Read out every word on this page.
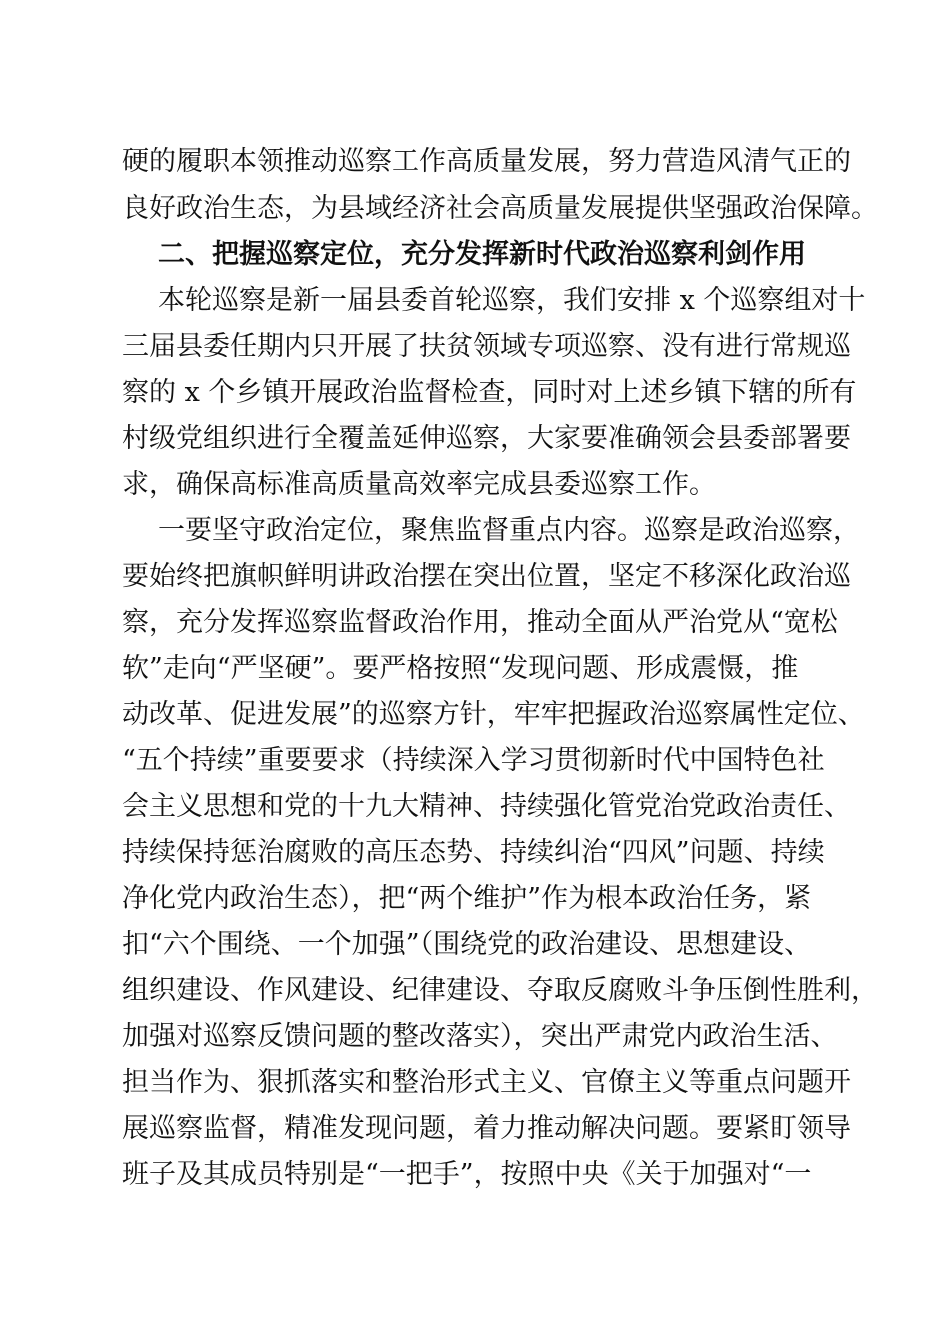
硬的履职本领推动巡察工作高质量发展，努力营造风清气正的
良好政治生态，为县域经济社会高质量发展提供坚强政治保障。
二、把握巡察定位，充分发挥新时代政治巡察利剑作用
本轮巡察是新一届县委首轮巡察，我们安排 x 个巡察组对十
三届县委任期内只开展了扶贫领域专项巡察、没有进行常规巡
察的 x 个乡镇开展政治监督检查，同时对上述乡镇下辖的所有
村级党组织进行全覆盖延伸巡察，大家要准确领会县委部署要
求，确保高标准高质量高效率完成县委巡察工作。
一要坚守政治定位，聚焦监督重点内容。巡察是政治巡察，
要始终把旗帜鲜明讲政治摆在突出位置，坚定不移深化政治巡
察，充分发挥巡察监督政治作用，推动全面从严治党从“宽松
软”走向“严坚硬”。要严格按照“发现问题、形成震慑，推
动改革、促进发展”的巡察方针，牢牢把握政治巡察属性定位、
“五个持续”重要要求（持续深入学习贯彻新时代中国特色社
会主义思想和党的十九大精神、持续强化管党治党政治责任、
持续保持惩治腐败的高压态势、持续纠治“四风”问题、持续
净化党内政治生态），把“两个维护”作为根本政治任务，紧
扣“六个围绕、一个加强”（围绕党的政治建设、思想建设、
组织建设、作风建设、纪律建设、夺取反腐败斗争压倒性胜利，
加强对巡察反馈问题的整改落实），突出严肃党内政治生活、
担当作为、狠抓落实和整治形式主义、官僚主义等重点问题开
展巡察监督，精准发现问题，着力推动解决问题。要紧盯领导
班子及其成员特别是“一把手”，按照中央《关于加强对“一
